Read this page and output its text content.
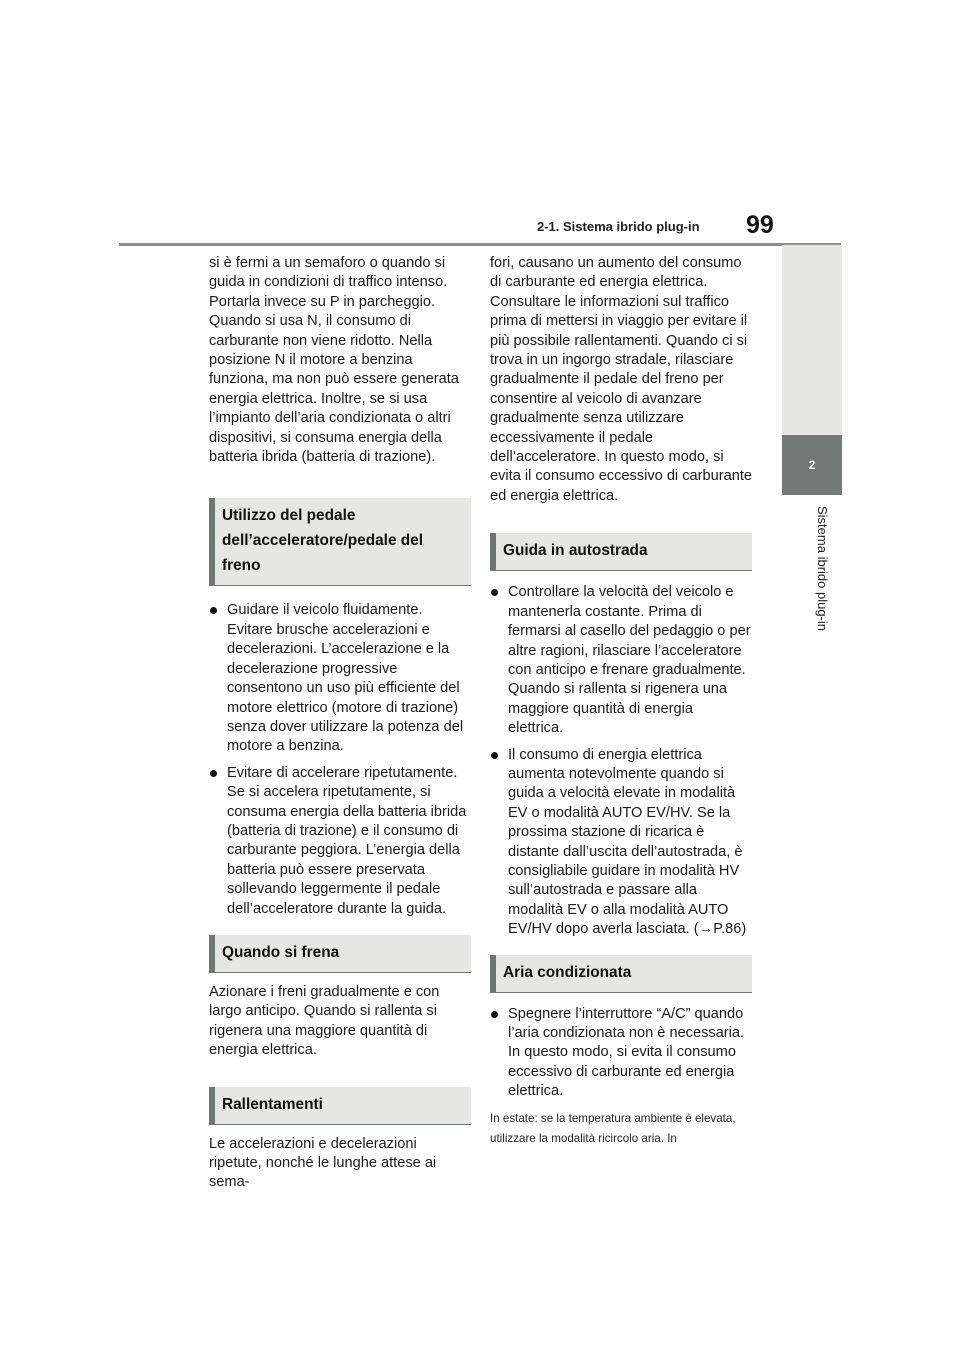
2-1. Sistema ibrido plug-in 99
2
Sistema ibrido plug-in

si è fermi a un semaforo o quando si guida in condizioni di traffico intenso. Portarla invece su P in parcheggio. Quando si usa N, il consumo di carburante non viene ridotto. Nella posizione N il motore a benzina funziona, ma non può essere generata energia elettrica. Inoltre, se si usa l’impianto dell’aria condizionata o altri dispositivi, si consuma energia della batteria ibrida (batteria di trazione).

Utilizzo del pedale dell’acceleratore/pedale del freno
Guidare il veicolo fluidamente. Evitare brusche accelerazioni e decelerazioni. L’accelerazione e la decelerazione progressive consentono un uso più efficiente del motore elettrico (motore di trazione) senza dover utilizzare la potenza del motore a benzina.
Evitare di accelerare ripetutamente. Se si accelera ripetutamente, si consuma energia della batteria ibrida (batteria di trazione) e il consumo di carburante peggiora. L’energia della batteria può essere preservata sollevando leggermente il pedale dell’acceleratore durante la guida.
Quando si frena

Azionare i freni gradualmente e con largo anticipo. Quando si rallenta si rigenera una maggiore quantità di energia elettrica.

Rallentamenti

Le accelerazioni e decelerazioni ripetute, nonché le lunghe attese ai sema-

fori, causano un aumento del consumo di carburante ed energia elettrica. Consultare le informazioni sul traffico prima di mettersi in viaggio per evitare il più possibile rallentamenti. Quando ci si trova in un ingorgo stradale, rilasciare gradualmente il pedale del freno per consentire al veicolo di avanzare gradualmente senza utilizzare eccessivamente il pedale dell’acceleratore. In questo modo, si evita il consumo eccessivo di carburante ed energia elettrica.

Guida in autostrada
Controllare la velocità del veicolo e mantenerla costante. Prima di fermarsi al casello del pedaggio o per altre ragioni, rilasciare l’acceleratore con anticipo e frenare gradualmente. Quando si rallenta si rigenera una maggiore quantità di energia elettrica.
Il consumo di energia elettrica aumenta notevolmente quando si guida a velocità elevate in modalità EV o modalità AUTO EV/HV. Se la prossima stazione di ricarica è distante dall’uscita dell’autostrada, è consigliabile guidare in modalità HV sull’autostrada e passare alla modalità EV o alla modalità AUTO EV/HV dopo averla lasciata. (→P.86)
Aria condizionata
Spegnere l’interruttore “A/C” quando l’aria condizionata non è necessaria. In questo modo, si evita il consumo eccessivo di carburante ed energia elettrica.

In estate: se la temperatura ambiente è elevata, utilizzare la modalità ricircolo aria. In
